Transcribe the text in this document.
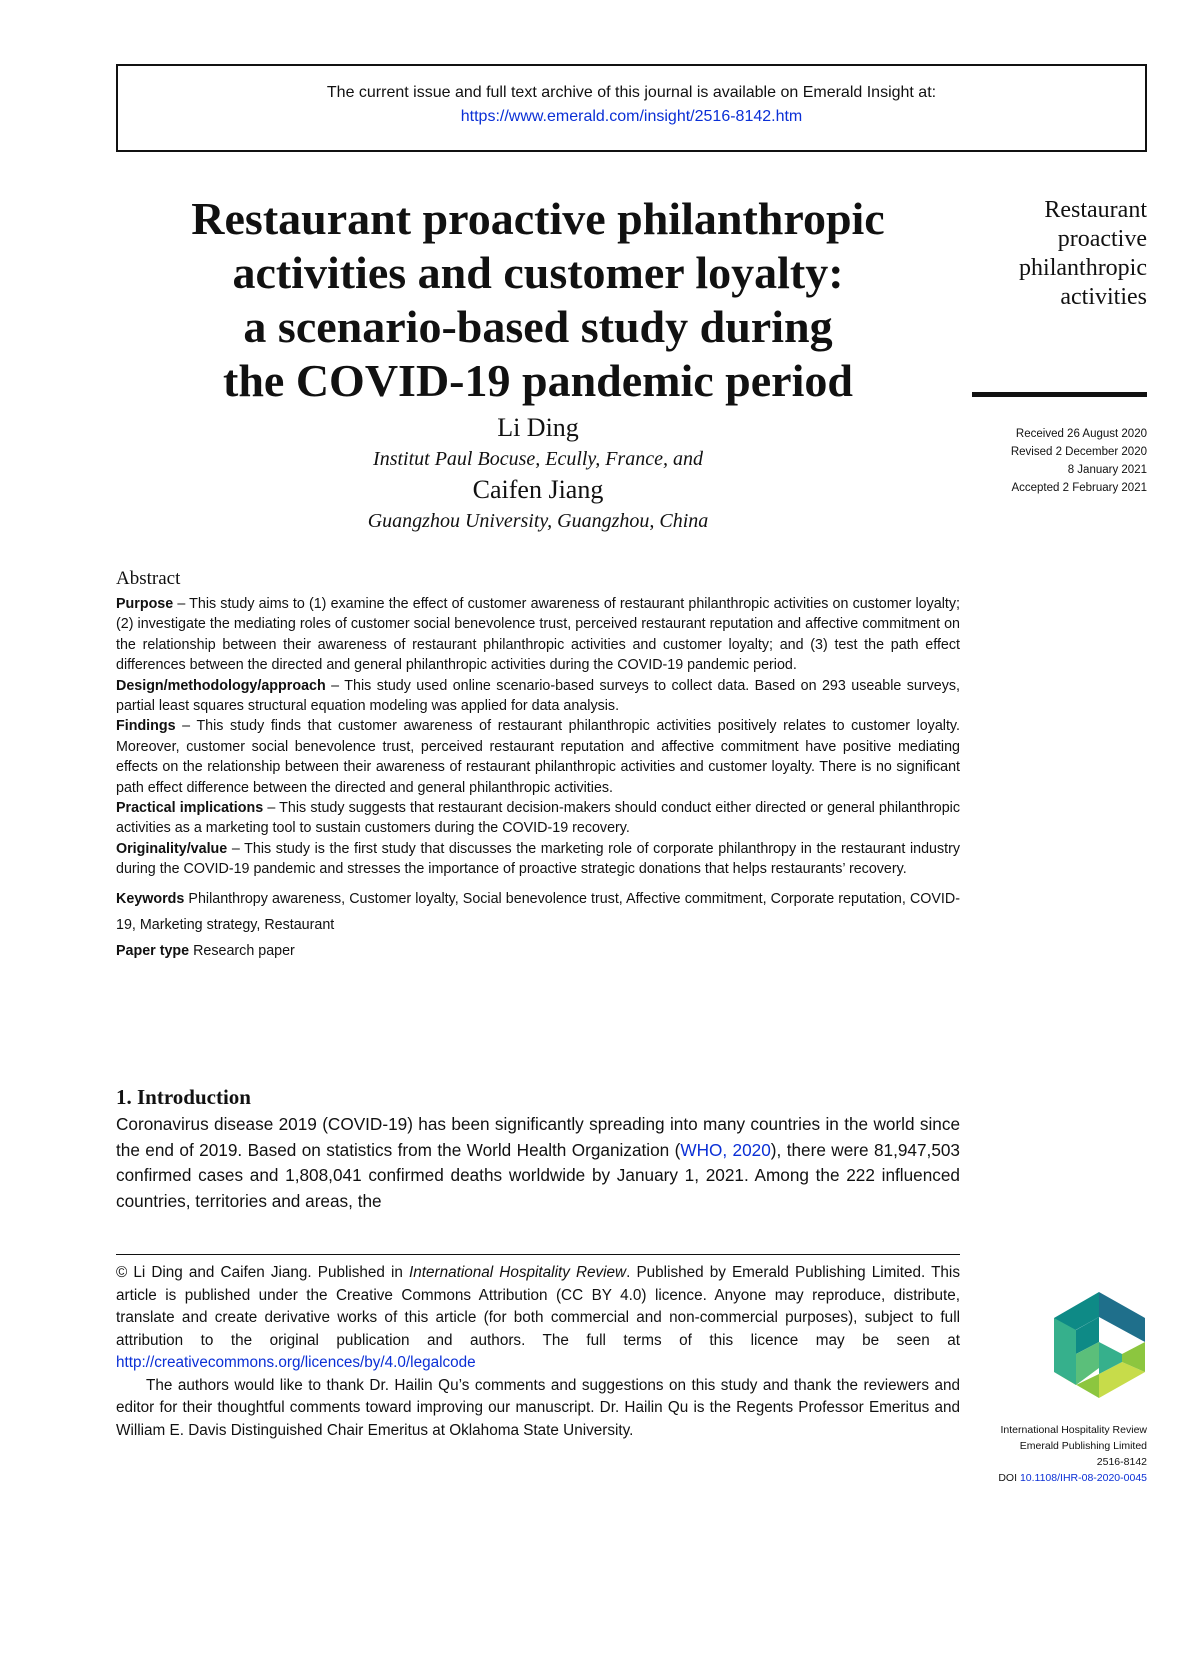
The current issue and full text archive of this journal is available on Emerald Insight at:
https://www.emerald.com/insight/2516-8142.htm
Restaurant proactive philanthropic
activities and customer loyalty:
a scenario-based study during
the COVID-19 pandemic period
Restaurant
proactive
philanthropic
activities
Received 26 August 2020
Revised 2 December 2020
8 January 2021
Accepted 2 February 2021
Li Ding
Institut Paul Bocuse, Ecully, France, and
Caifen Jiang
Guangzhou University, Guangzhou, China
Abstract

Purpose – This study aims to (1) examine the effect of customer awareness of restaurant philanthropic activities on customer loyalty; (2) investigate the mediating roles of customer social benevolence trust, perceived restaurant reputation and affective commitment on the relationship between their awareness of restaurant philanthropic activities and customer loyalty; and (3) test the path effect differences between the directed and general philanthropic activities during the COVID-19 pandemic period.

Design/methodology/approach – This study used online scenario-based surveys to collect data. Based on 293 useable surveys, partial least squares structural equation modeling was applied for data analysis.

Findings – This study finds that customer awareness of restaurant philanthropic activities positively relates to customer loyalty. Moreover, customer social benevolence trust, perceived restaurant reputation and affective commitment have positive mediating effects on the relationship between their awareness of restaurant philanthropic activities and customer loyalty. There is no significant path effect difference between the directed and general philanthropic activities.

Practical implications – This study suggests that restaurant decision-makers should conduct either directed or general philanthropic activities as a marketing tool to sustain customers during the COVID-19 recovery.

Originality/value – This study is the first study that discusses the marketing role of corporate philanthropy in the restaurant industry during the COVID-19 pandemic and stresses the importance of proactive strategic donations that helps restaurants’ recovery.

Keywords Philanthropy awareness, Customer loyalty, Social benevolence trust, Affective commitment, Corporate reputation, COVID-19, Marketing strategy, Restaurant

Paper type Research paper

1. Introduction

Coronavirus disease 2019 (COVID-19) has been significantly spreading into many countries in the world since the end of 2019. Based on statistics from the World Health Organization (WHO, 2020), there were 81,947,503 confirmed cases and 1,808,041 confirmed deaths worldwide by January 1, 2021. Among the 222 influenced countries, territories and areas, the

© Li Ding and Caifen Jiang. Published in International Hospitality Review. Published by Emerald Publishing Limited. This article is published under the Creative Commons Attribution (CC BY 4.0) licence. Anyone may reproduce, distribute, translate and create derivative works of this article (for both commercial and non-commercial purposes), subject to full attribution to the original publication and authors. The full terms of this licence may be seen at http://creativecommons.org/licences/by/4.0/legalcode

The authors would like to thank Dr. Hailin Qu’s comments and suggestions on this study and thank the reviewers and editor for their thoughtful comments toward improving our manuscript. Dr. Hailin Qu is the Regents Professor Emeritus and William E. Davis Distinguished Chair Emeritus at Oklahoma State University.	International Hospitality Review
Emerald Publishing Limited
2516-8142
DOI 10.1108/IHR-08-2020-0045
